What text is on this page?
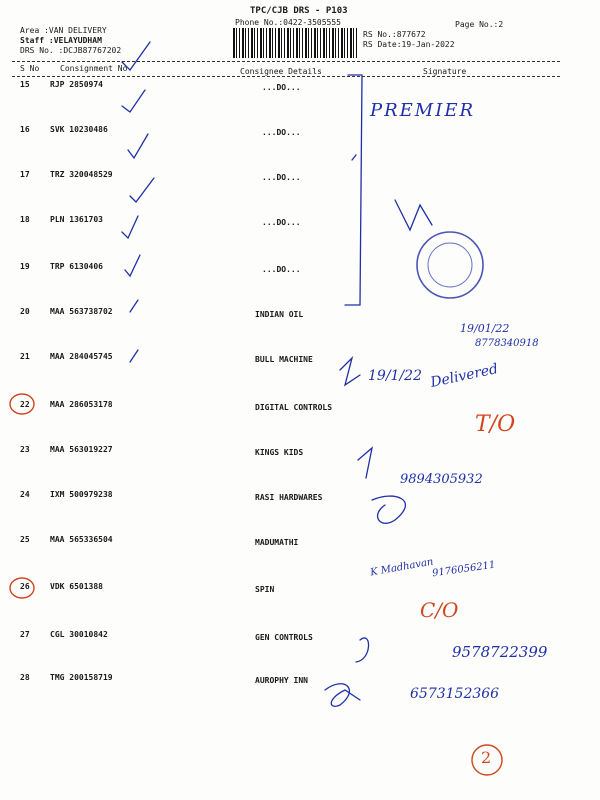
TPC/CJB DRS - P103
Phone No.:0422-3505555	Page No.:2
Area :VAN DELIVERY
Staff :VELAYUDHAM
DRS No. :DCJB87767202
RS No.:877672
RS Date:19-Jan-2022
S No	Consignment No	Consignee Details	Signature
15	RJP 2850974	...DO...
16	SVK 10230486	...DO...
17	TRZ 320048529	...DO...
18	PLN 1361703	...DO...
19	TRP 6130406	...DO...
20	MAA 563738702	INDIAN OIL
21	MAA 284045745	BULL MACHINE
22	MAA 286053178	DIGITAL CONTROLS
23	MAA 563019227	KINGS KIDS
24	IXM 500979238	RASI HARDWARES
25	MAA 565336504	MADUMATHI
26	VDK 6501388	SPIN
27	CGL 30010842	GEN CONTROLS
28	TMG 200158719	AUROPHY INN
PREMIER
19/01/22
8778340918
19/1/22 Delivered
T/O
9894305932
K Madhavan
9176056211
C/O
9578722399
6573152366
2
